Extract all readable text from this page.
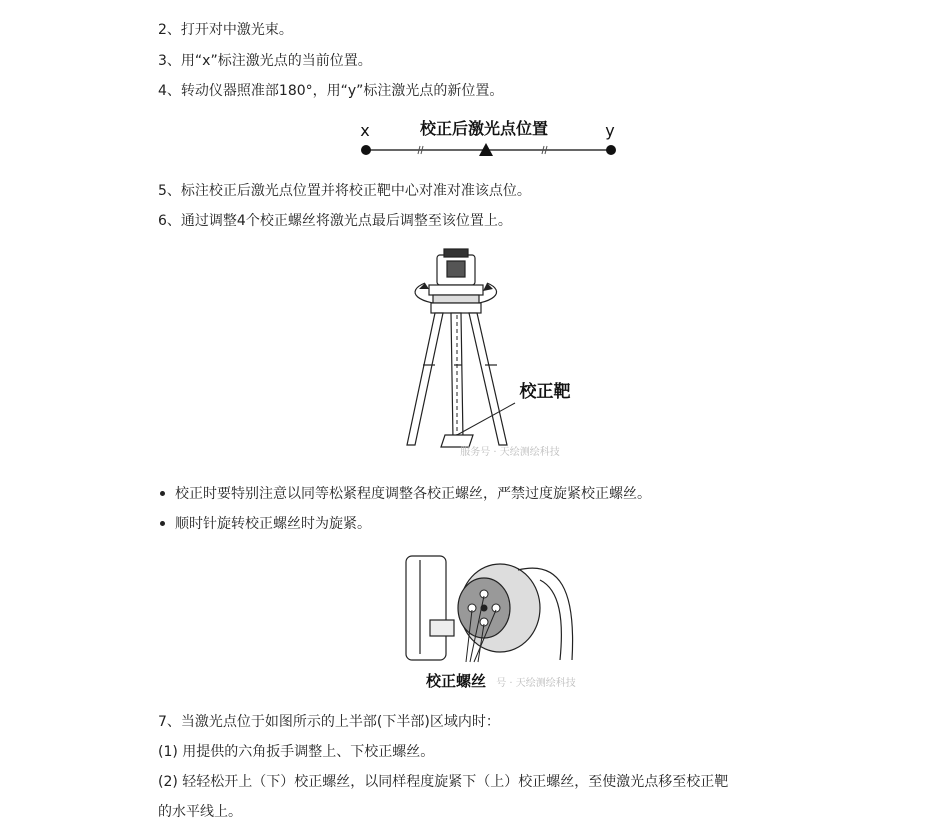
2、打开对中激光束。
3、用“x”标注激光点的当前位置。
4、转动仪器照准部180°，用“y”标注激光点的新位置。
x	校正后激光点位置	y
5、标注校正后激光点位置并将校正靶中心对准对准该点位。
6、通过调整4个校正螺丝将激光点最后调整至该位置上。
校正靶
服务号 · 天绘测绘科技
校正时要特别注意以同等松紧程度调整各校正螺丝，严禁过度旋紧校正螺丝。
顺时针旋转校正螺丝时为旋紧。
校正螺丝 号 · 天绘测绘科技
7、当激光点位于如图所示的上半部(下半部)区域内时：
(1) 用提供的六角扳手调整上、下校正螺丝。
(2) 轻轻松开上（下）校正螺丝，以同样程度旋紧下（上）校正螺丝，至使激光点移至校正靶
的水平线上。
